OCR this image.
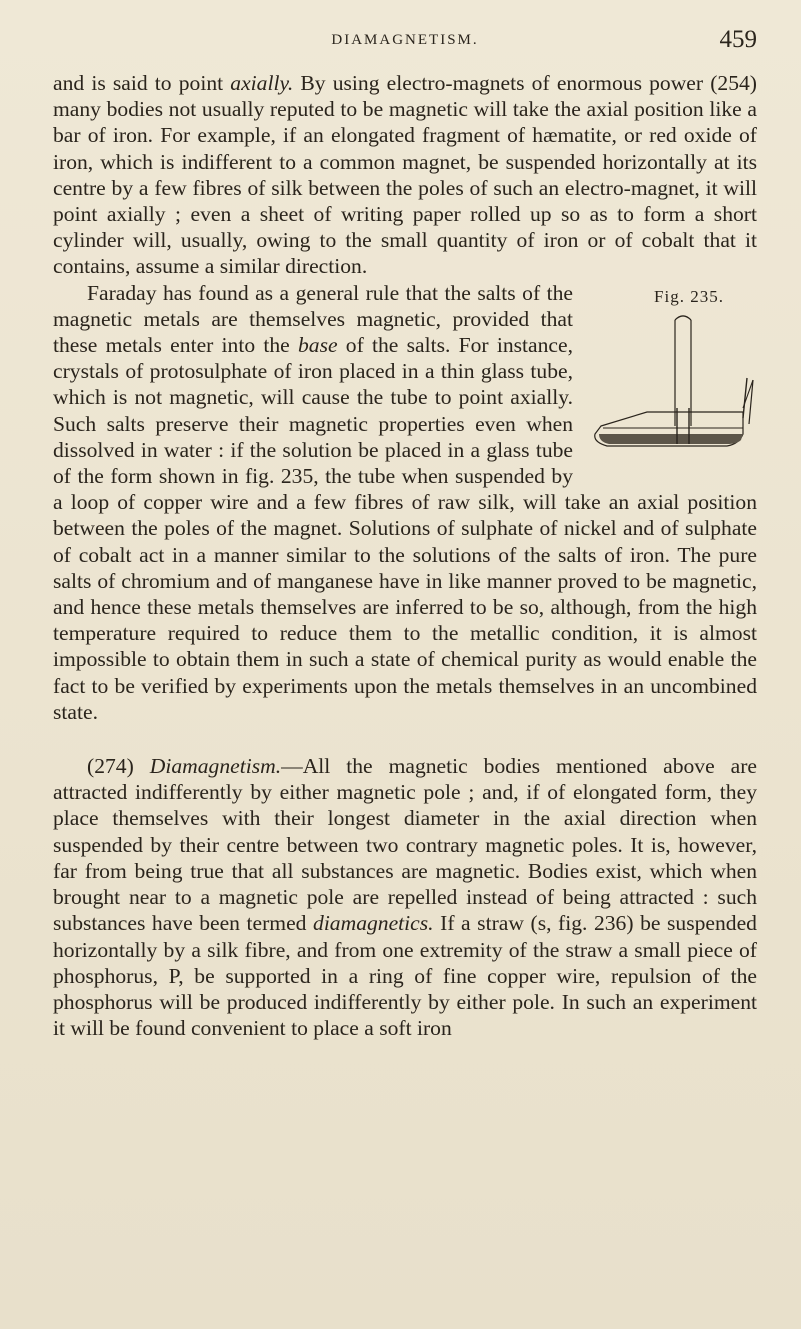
DIAMAGNETISM.	459

and is said to point axially. By using electro-magnets of enormous power (254) many bodies not usually reputed to be magnetic will take the axial position like a bar of iron. For example, if an elongated fragment of hæmatite, or red oxide of iron, which is indifferent to a common magnet, be suspended horizontally at its centre by a few fibres of silk between the poles of such an electro-magnet, it will point axially ; even a sheet of writing paper rolled up so as to form a short cylinder will, usually, owing to the small quantity of iron or of cobalt that it contains, assume a similar direction.

Fig. 235.
Faraday has found as a general rule that the salts of the magnetic metals are themselves magnetic, provided that these metals enter into the base of the salts. For instance, crystals of protosulphate of iron placed in a thin glass tube, which is not magnetic, will cause the tube to point axially. Such salts preserve their magnetic properties even when dissolved in water : if the solution be placed in a glass tube of the form shown in fig. 235, the tube when suspended by a loop of copper wire and a few fibres of raw silk, will take an axial position between the poles of the magnet. Solutions of sulphate of nickel and of sulphate of cobalt act in a manner similar to the solutions of the salts of iron. The pure salts of chromium and of manganese have in like manner proved to be magnetic, and hence these metals themselves are inferred to be so, although, from the high temperature required to reduce them to the metallic condition, it is almost impossible to obtain them in such a state of chemical purity as would enable the fact to be verified by experiments upon the metals themselves in an uncombined state.

(274) Diamagnetism.—All the magnetic bodies mentioned above are attracted indifferently by either magnetic pole ; and, if of elongated form, they place themselves with their longest diameter in the axial direction when suspended by their centre between two contrary magnetic poles. It is, however, far from being true that all substances are magnetic. Bodies exist, which when brought near to a magnetic pole are repelled instead of being attracted : such substances have been termed diamagnetics. If a straw (s, fig. 236) be suspended horizontally by a silk fibre, and from one extremity of the straw a small piece of phosphorus, P, be supported in a ring of fine copper wire, repulsion of the phosphorus will be produced indifferently by either pole. In such an experiment it will be found convenient to place a soft iron
